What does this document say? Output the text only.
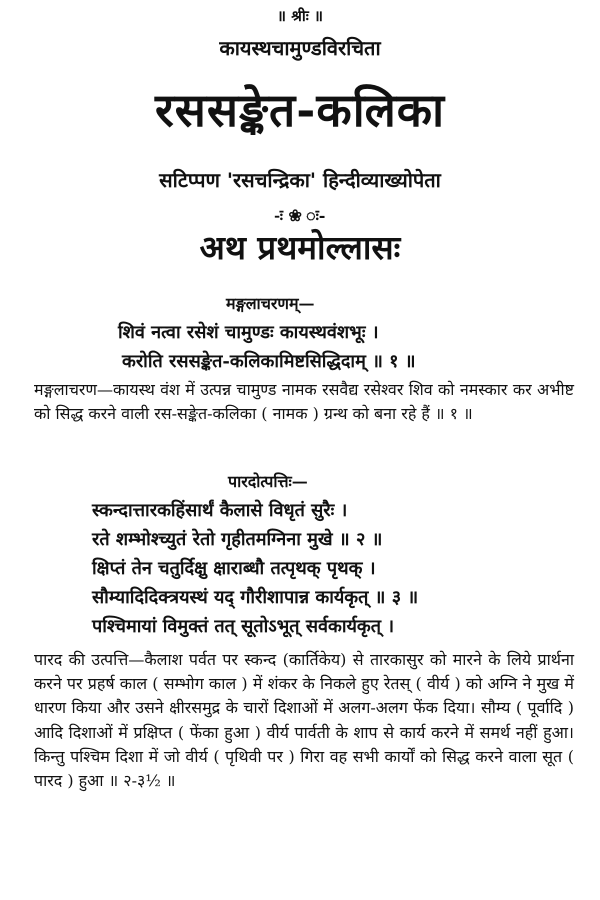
॥ श्रीः ॥
कायस्थचामुण्डविरचिता
रससङ्केत-कलिका
सटिप्पण 'रसचन्द्रिका' हिन्दीव्याख्योपेता
-ः ❀ ः-
अथ प्रथमोल्लासः
मङ्गलाचरणम्—
शिवं नत्वा रसेशं चामुण्डः कायस्थवंशभूः ।
करोति रससङ्केत-कलिकामिष्टसिद्धिदाम् ॥ १ ॥
मङ्गलाचरण—कायस्थ वंश में उत्पन्न चामुण्ड नामक रसवैद्य रसेश्वर शिव को नमस्कार कर अभीष्ट को सिद्ध करने वाली रस-सङ्केत-कलिका ( नामक ) ग्रन्थ को बना रहे हैं ॥ १ ॥
पारदोत्पत्तिः—
स्कन्दात्तारकहिंसार्थं कैलासे विधृतं सुरैः ।
रते शम्भोश्च्युतं रेतो गृहीतमग्निना मुखे ॥ २ ॥
क्षिप्तं तेन चतुर्दिक्षु क्षाराब्धौ तत्पृथक् पृथक् ।
सौम्यादिदिक्त्रयस्थं यद् गौरीशापान्न कार्यकृत् ॥ ३ ॥
पश्चिमायां विमुक्तं तत् सूतोऽभूत् सर्वकार्यकृत् ।
पारद की उत्पत्ति—कैलाश पर्वत पर स्कन्द (कार्तिकेय) से तारकासुर को मारने के लिये प्रार्थना करने पर प्रहर्ष काल ( सम्भोग काल ) में शंकर के निकले हुए रेतस् ( वीर्य ) को अग्नि ने मुख में धारण किया और उसने क्षीरसमुद्र के चारों दिशाओं में अलग-अलग फेंक दिया। सौम्य ( पूर्वादि ) आदि दिशाओं में प्रक्षिप्त ( फेंका हुआ ) वीर्य पार्वती के शाप से कार्य करने में समर्थ नहीं हुआ। किन्तु पश्चिम दिशा में जो वीर्य ( पृथिवी पर ) गिरा वह सभी कार्यों को सिद्ध करने वाला सूत ( पारद ) हुआ ॥ २-३½ ॥
